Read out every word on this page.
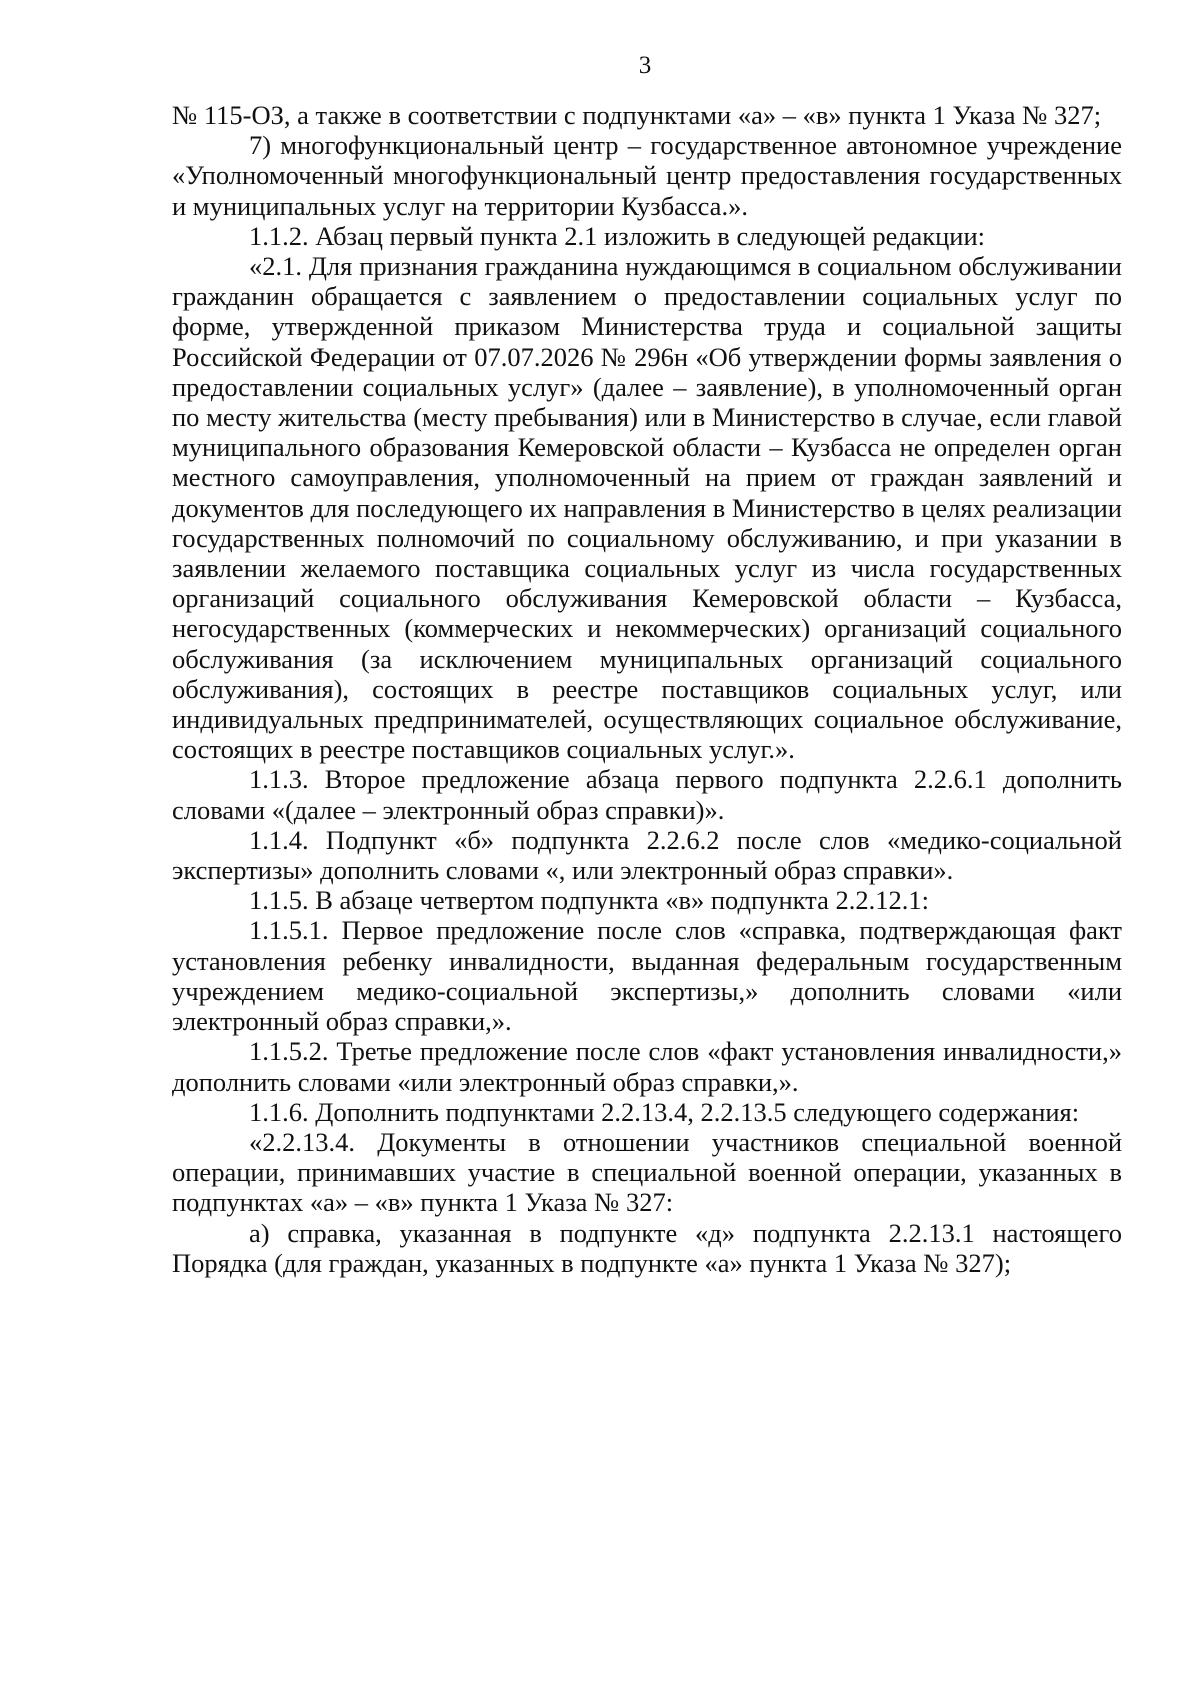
3

№ 115-ОЗ, а также в соответствии с подпунктами «а» – «в» пункта 1 Указа № 327;

7) многофункциональный центр – государственное автономное учреждение «Уполномоченный многофункциональный центр предоставления государственных и муниципальных услуг на территории Кузбасса.».

1.1.2. Абзац первый пункта 2.1 изложить в следующей редакции:

«2.1. Для признания гражданина нуждающимся в социальном обслуживании гражданин обращается с заявлением о предоставлении социальных услуг по форме, утвержденной приказом Министерства труда и социальной защиты Российской Федерации от 07.07.2026 № 296н «Об утверждении формы заявления о предоставлении социальных услуг» (далее – заявление), в уполномоченный орган по месту жительства (месту пребывания) или в Министерство в случае, если главой муниципального образования Кемеровской области – Кузбасса не определен орган местного самоуправления, уполномоченный на прием от граждан заявлений и документов для последующего их направления в Министерство в целях реализации государственных полномочий по социальному обслуживанию, и при указании в заявлении желаемого поставщика социальных услуг из числа государственных организаций социального обслуживания Кемеровской области – Кузбасса, негосударственных (коммерческих и некоммерческих) организаций социального обслуживания (за исключением муниципальных организаций социального обслуживания), состоящих в реестре поставщиков социальных услуг, или индивидуальных предпринимателей, осуществляющих социальное обслуживание, состоящих в реестре поставщиков социальных услуг.».

1.1.3. Второе предложение абзаца первого подпункта 2.2.6.1 дополнить словами «(далее – электронный образ справки)».

1.1.4. Подпункт «б» подпункта 2.2.6.2 после слов «медико-социальной экспертизы» дополнить словами «, или электронный образ справки».

1.1.5. В абзаце четвертом подпункта «в» подпункта 2.2.12.1:

1.1.5.1. Первое предложение после слов «справка, подтверждающая факт установления ребенку инвалидности, выданная федеральным государственным учреждением медико-социальной экспертизы,» дополнить словами «или электронный образ справки,».

1.1.5.2. Третье предложение после слов «факт установления инвалидности,» дополнить словами «или электронный образ справки,».

1.1.6. Дополнить подпунктами 2.2.13.4, 2.2.13.5 следующего содержания:

«2.2.13.4. Документы в отношении участников специальной военной операции, принимавших участие в специальной военной операции, указанных в подпунктах «а» – «в» пункта 1 Указа № 327:

а) справка, указанная в подпункте «д» подпункта 2.2.13.1 настоящего Порядка (для граждан, указанных в подпункте «а» пункта 1 Указа № 327);
